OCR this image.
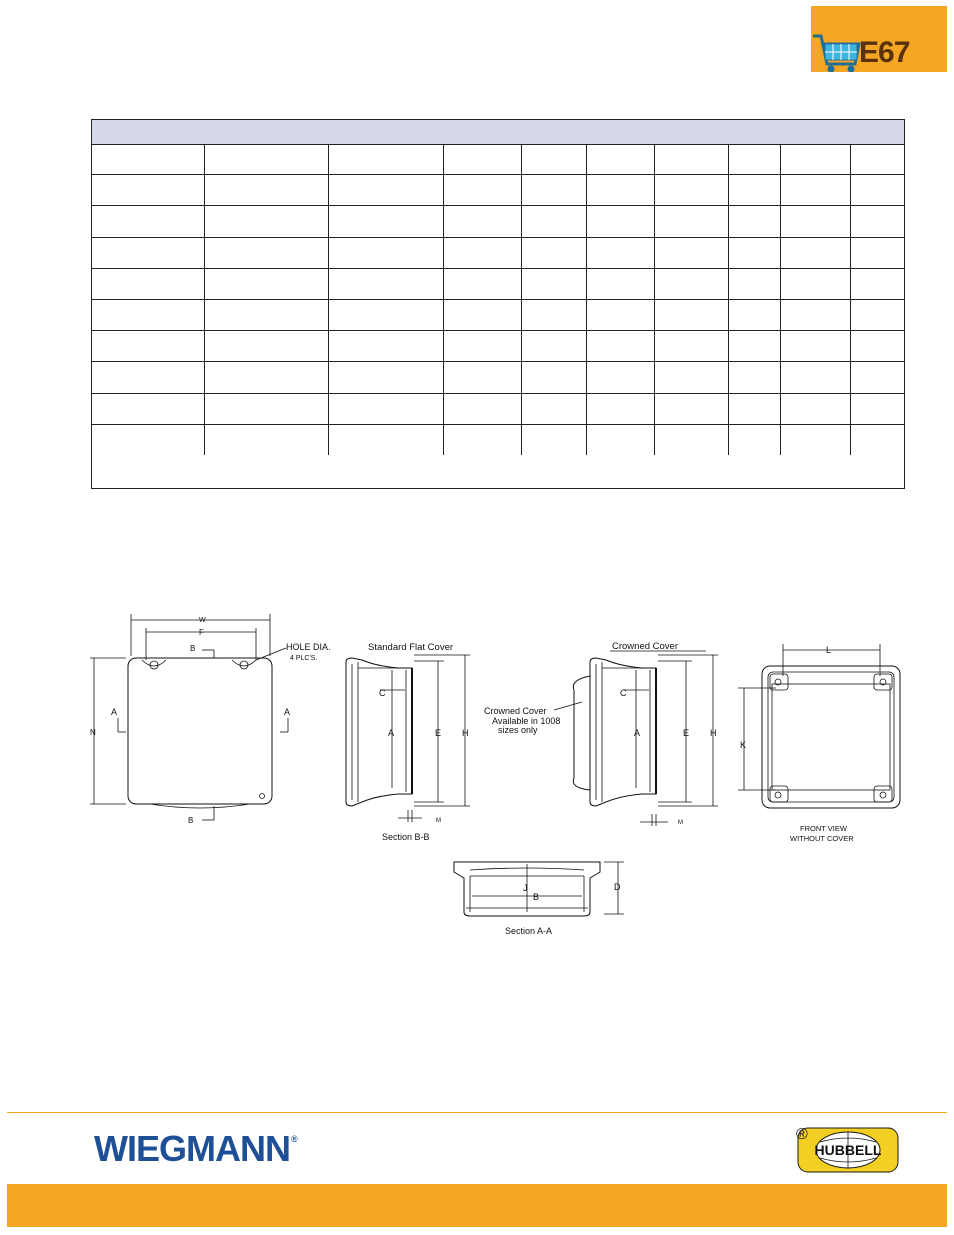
E67

W
F
B
B
A	A
N
HOLE DIA.
4 PLC'S.
Standard Flat Cover
C
A	E H
M
Section B-B
Crowned Cover
Crowned Cover
Available in 1008
sizes only
C
A	E H
M
L
K
FRONT VIEW
WITHOUT COVER
J
B
D
Section A-A
WIEGMANN®
HUBBELL
®
